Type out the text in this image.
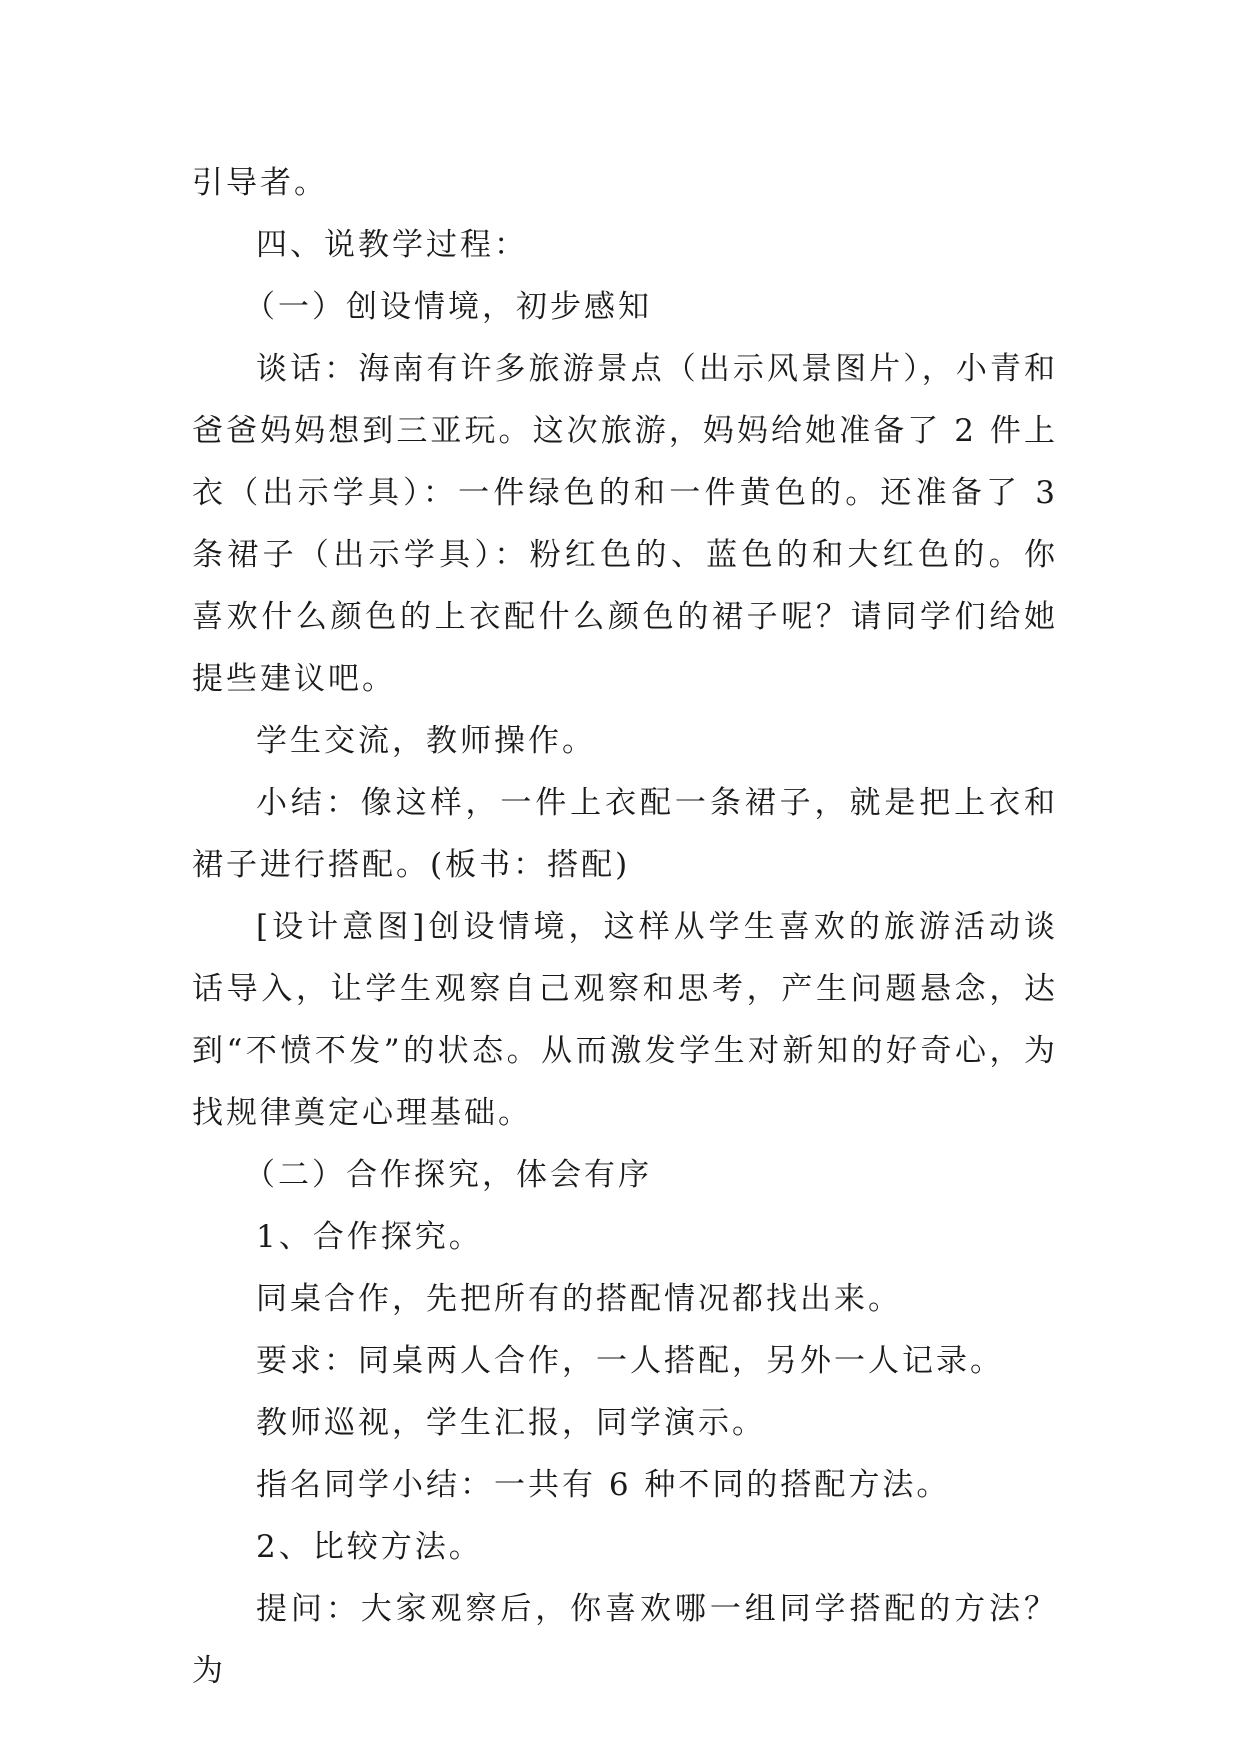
引导者。

四、说教学过程：

（一）创设情境，初步感知

谈话：海南有许多旅游景点（出示风景图片），小青和爸爸妈妈想到三亚玩。这次旅游，妈妈给她准备了 2 件上衣（出示学具）：一件绿色的和一件黄色的。还准备了 3 条裙子（出示学具）：粉红色的、蓝色的和大红色的。你喜欢什么颜色的上衣配什么颜色的裙子呢？请同学们给她提些建议吧。

学生交流，教师操作。

小结：像这样，一件上衣配一条裙子，就是把上衣和裙子进行搭配。(板书：搭配)

[设计意图]创设情境，这样从学生喜欢的旅游活动谈话导入，让学生观察自己观察和思考，产生问题悬念，达到“不愤不发”的状态。从而激发学生对新知的好奇心，为找规律奠定心理基础。

（二）合作探究，体会有序

1、合作探究。

同桌合作，先把所有的搭配情况都找出来。

要求：同桌两人合作，一人搭配，另外一人记录。

教师巡视，学生汇报，同学演示。

指名同学小结：一共有 6 种不同的搭配方法。

2、比较方法。

提问：大家观察后，你喜欢哪一组同学搭配的方法？为
